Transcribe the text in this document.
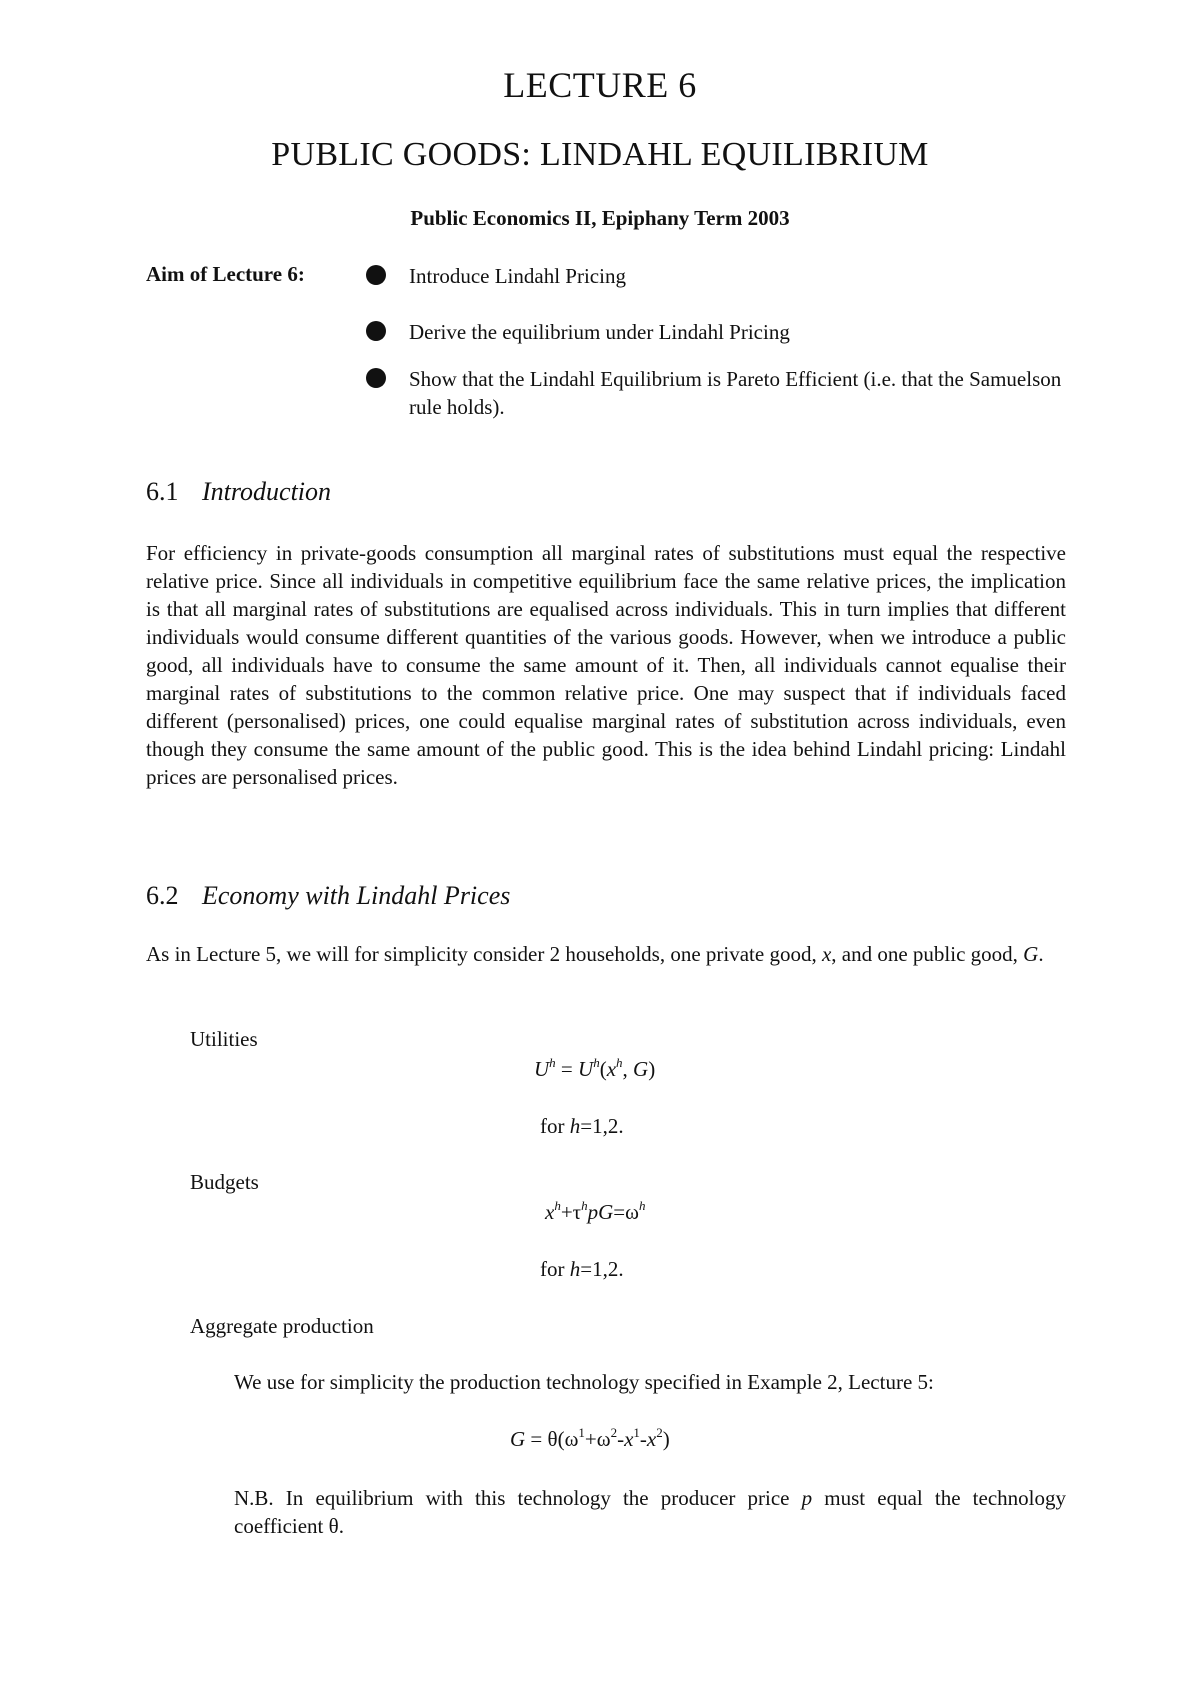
LECTURE 6
PUBLIC GOODS: LINDAHL EQUILIBRIUM
Public Economics II, Epiphany Term 2003
Aim of Lecture 6:	Introduce Lindahl Pricing
Derive the equilibrium under Lindahl Pricing
Show that the Lindahl Equilibrium is Pareto Efficient (i.e. that the Samuelson rule holds).
6.1 Introduction
For efficiency in private-goods consumption all marginal rates of substitutions must equal the respective relative price. Since all individuals in competitive equilibrium face the same relative prices, the implication is that all marginal rates of substitutions are equalised across individuals. This in turn implies that different individuals would consume different quantities of the various goods. However, when we introduce a public good, all individuals have to consume the same amount of it. Then, all individuals cannot equalise their marginal rates of substitutions to the common relative price. One may suspect that if individuals faced different (personalised) prices, one could equalise marginal rates of substitution across individuals, even though they consume the same amount of the public good. This is the idea behind Lindahl pricing: Lindahl prices are personalised prices.
6.2 Economy with Lindahl Prices
As in Lecture 5, we will for simplicity consider 2 households, one private good, x, and one public good, G.
Utilities
$U^h = U^h(x^h$, G)
for h=1,2.
Budgets
$x^h+\tau^hpG=\omega^h$
for h=1,2.
Aggregate production
We use for simplicity the production technology specified in Example 2, Lecture 5:
$G = \theta(\omega^1+\omega^2-x^1-x^2)$
N.B. In equilibrium with this technology the producer price p must equal the technology coefficient θ.
